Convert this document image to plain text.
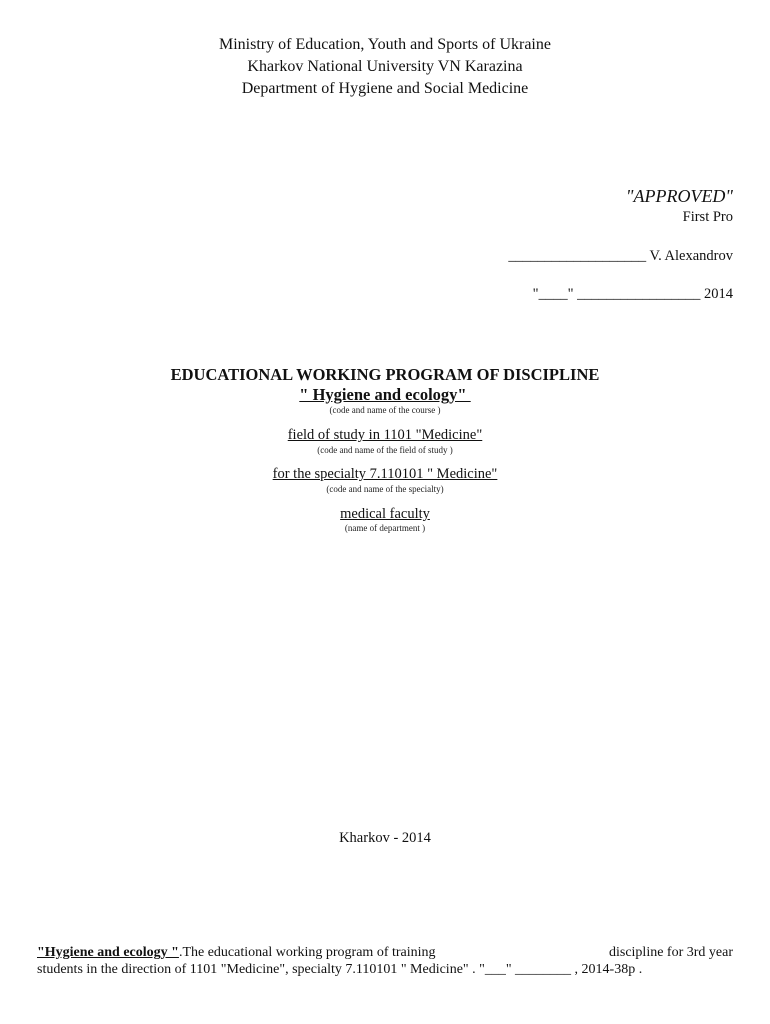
Ministry of Education, Youth and Sports of Ukraine
Kharkov National University VN Karazina
Department of Hygiene and Social Medicine
"APPROVED"
First Pro
___________________ V. Alexandrov
"____" _________________ 2014
EDUCATIONAL WORKING PROGRAM OF DISCIPLINE
" Hygiene and ecology"
(code and name of the course )
field of study in 1101 "Medicine"
(code and name of the field of study )
for the specialty 7.110101 " Medicine"
(code and name of the specialty)
medical faculty
(name of department )
Kharkov - 2014
"Hygiene and ecology ".The educational working program of training	discipline for 3rd year
students in the direction of 1101 "Medicine", specialty 7.110101 " Medicine" . "___" ________ , 2014-38p .
